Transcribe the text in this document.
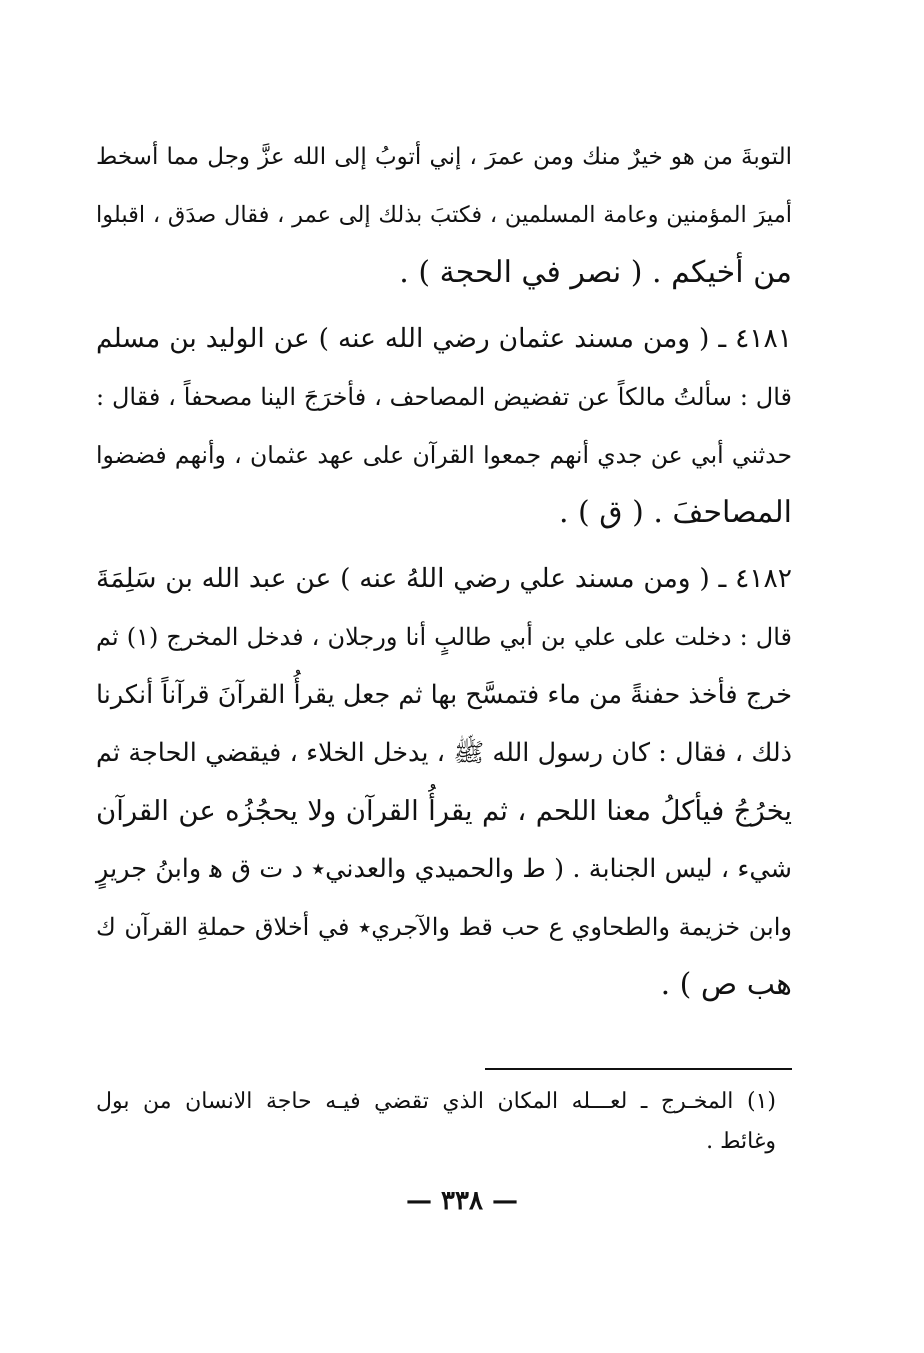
التوبةَ من هو خيرٌ منك ومن عمرَ ، إني أتوبُ إلى الله عزَّ وجل مما أسخط
أميرَ المؤمنين وعامة المسلمين ، فكتبَ بذلك إلى عمر ، فقال صدَق ، اقبلوا
من أخيكم . ( نصر في الحجة ) .
٤١٨١ ـ ( ومن مسند عثمان رضي الله عنه ) عن الوليد بن مسلم
قال : سألتُ مالكاً عن تفضيض المصاحف ، فأخرَجَ الينا مصحفاً ، فقال :
حدثني أبي عن جدي أنهم جمعوا القرآن على عهد عثمان ، وأنهم فضضوا
المصاحفَ . ( ق ) .
٤١٨٢ ـ ( ومن مسند علي رضي اللهُ عنه ) عن عبد الله بن سَلِمَةَ
قال : دخلت على علي بن أبي طالبٍ أنا ورجلان ، فدخل المخرج (١) ثم
خرج فأخذ حفنةً من ماء فتمسَّح بها ثم جعل يقرأُ القرآنَ قرآناً أنكرنا
ذلك ، فقال : كان رسول الله ﷺ ، يدخل الخلاء ، فيقضي الحاجة ثم
يخرُجُ فيأكلُ معنا اللحم ، ثم يقرأُ القرآن ولا يحجُزُه عن القرآن
شيء ، ليس الجنابة . ( ط والحميدي والعدني٭ د ت ق ﻫ وابنُ جريرٍ
وابن خزيمة والطحاوي ع حب قط والآجري٭ في أخلاق حملةِ القرآن ك
هب ص ) .
(١) المخـرج ـ لعـــله المكان الذي تقضي فيـه حاجة الانسان من بول
وغائط .
— ٣٣٨ —
